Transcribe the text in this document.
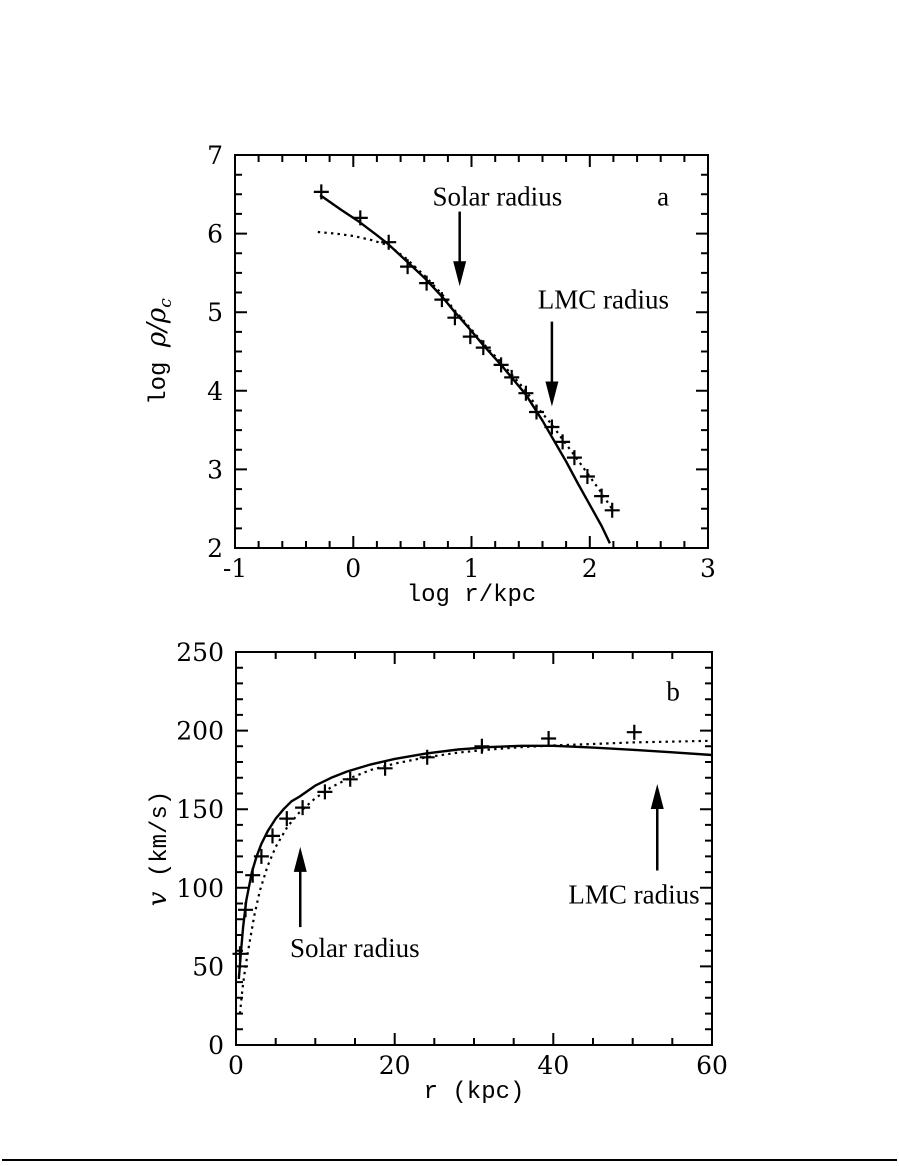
-1	0	1	2	3
2
3
4
5
6
7
log r/kpc
log ρ/ρc
Solar radius
LMC radius
a
0	20	40	60
0
50
100
150
200
250
r (kpc)
v (km/s)
Solar radius
LMC radius
b
